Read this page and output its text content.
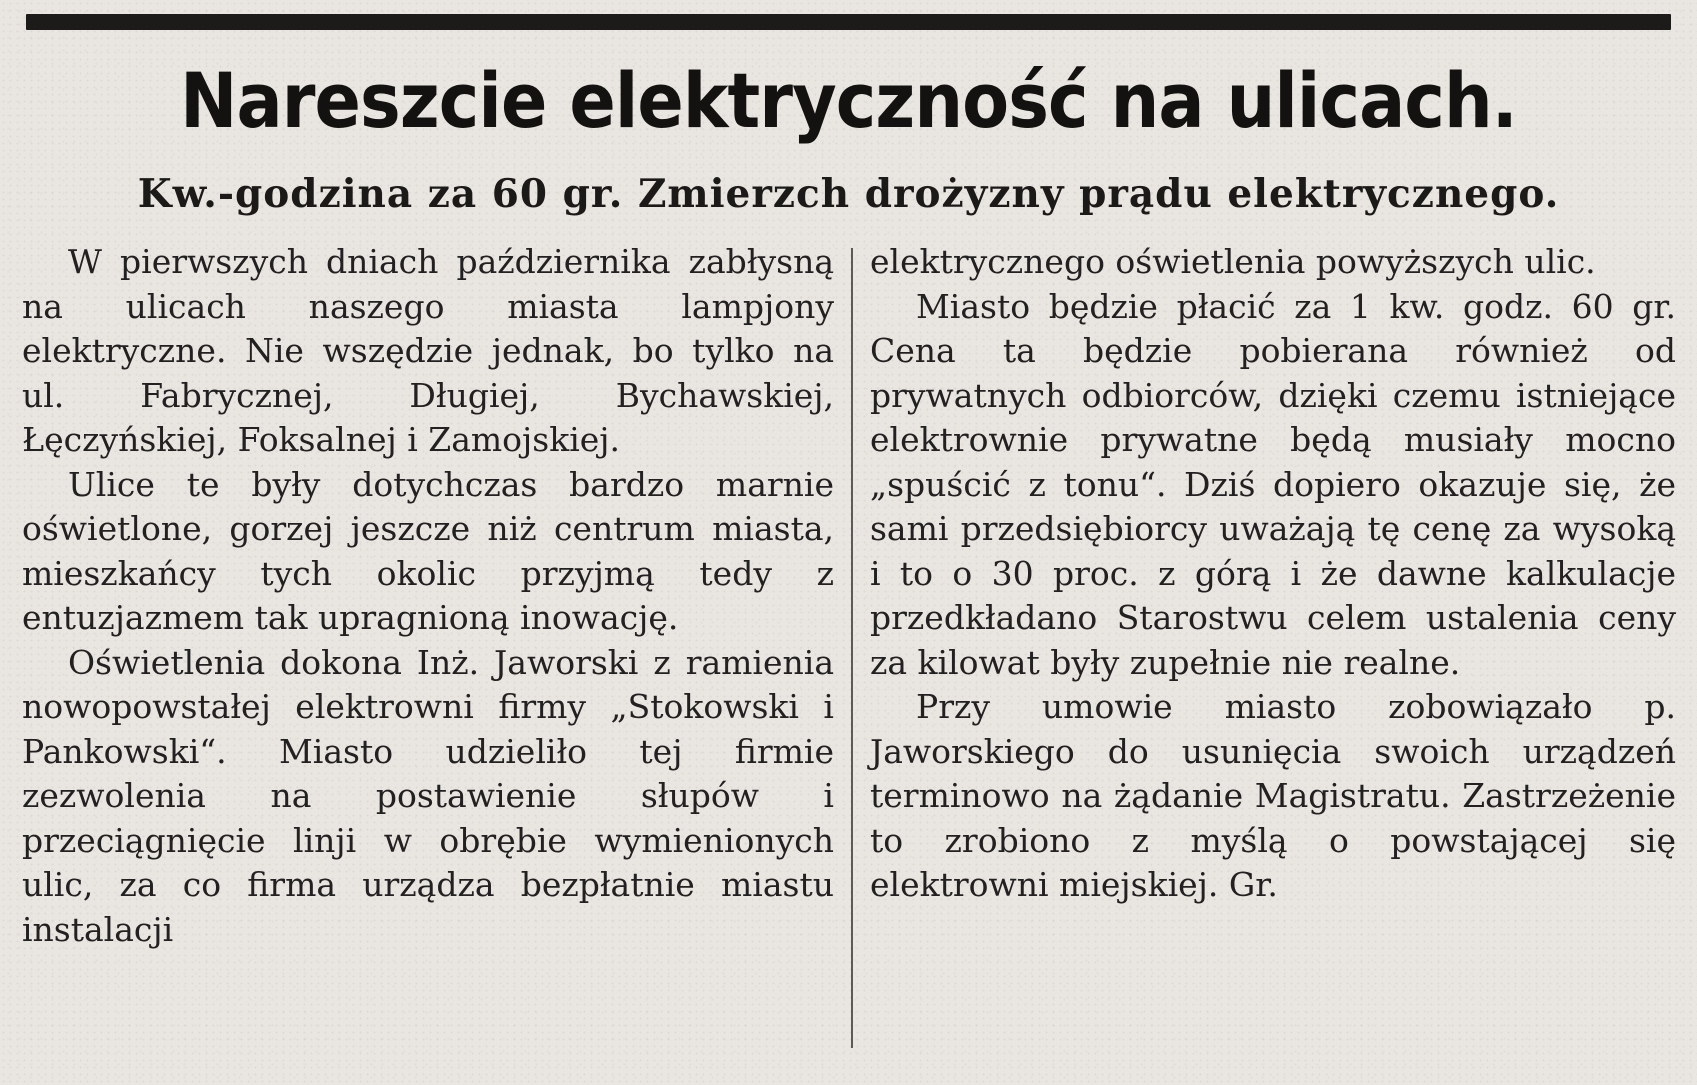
Nareszcie elektryczność na ulicach.
Kw.-godzina za 60 gr. Zmierzch drożyzny prądu elektrycznego.

W pierwszych dniach października zabłysną na ulicach naszego miasta lampjony elektryczne. Nie wszędzie jednak, bo tylko na ul. Fabrycznej, Długiej, Bychawskiej, Łęczyńskiej, Foksalnej i Zamojskiej.

Ulice te były dotychczas bardzo marnie oświetlone, gorzej jeszcze niż centrum miasta, mieszkańcy tych okolic przyjmą tedy z entuzjazmem tak upragnioną inowację.

Oświetlenia dokona Inż. Jaworski z ramienia nowopowstałej elektrowni firmy „Stokowski i Pankowski“. Miasto udzieliło tej firmie zezwolenia na postawienie słupów i przeciągnięcie linji w obrębie wymienionych ulic, za co firma urządza bezpłatnie miastu instalacji

elektrycznego oświetlenia powyższych ulic.

Miasto będzie płacić za 1 kw. godz. 60 gr. Cena ta będzie pobierana również od prywatnych odbiorców, dzięki czemu istniejące elektrownie prywatne będą musiały mocno „spuścić z tonu“. Dziś dopiero okazuje się, że sami przedsiębiorcy uważają tę cenę za wysoką i to o 30 proc. z górą i że dawne kalkulacje przedkładano Starostwu celem ustalenia ceny za kilowat były zupełnie nie realne.

Przy umowie miasto zobowiązało p. Jaworskiego do usunięcia swoich urządzeń terminowo na żądanie Magistratu. Zastrzeżenie to zrobiono z myślą o powstającej się elektrowni miejskiej. Gr.
